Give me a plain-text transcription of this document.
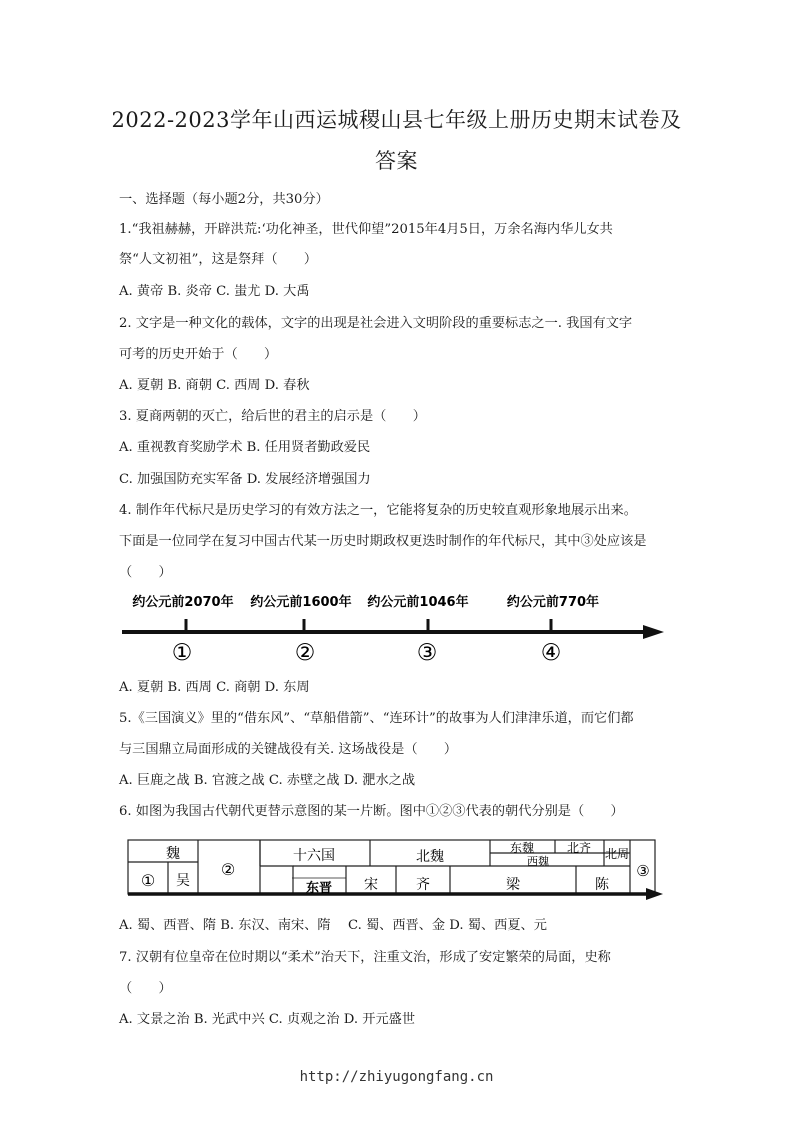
2022-2023学年山西运城稷山县七年级上册历史期末试卷及
答案
一、选择题（每小题2分，共30分）
1.“我祖赫赫，开辟洪荒:‘功化神圣，世代仰望”2015年4月5日，万余名海内华儿女共
祭“人文初祖”，这是祭拜（　　）
A. 黄帝 B. 炎帝 C. 蚩尤 D. 大禹
2. 文字是一种文化的载体，文字的出现是社会进入文明阶段的重要标志之一. 我国有文字
可考的历史开始于（　　）
A. 夏朝 B. 商朝 C. 西周 D. 春秋
3. 夏商两朝的灭亡，给后世的君主的启示是（　　）
A. 重视教育奖励学术 B. 任用贤者勤政爱民
C. 加强国防充实军备 D. 发展经济增强国力
4. 制作年代标尺是历史学习的有效方法之一，它能将复杂的历史较直观形象地展示出来。
下面是一位同学在复习中国古代某一历史时期政权更迭时制作的年代标尺，其中③处应该是
（　　）
约公元前2070年 约公元前1600年 约公元前1046年	约公元前770年
①	②	③	④
A. 夏朝 B. 西周 C. 商朝 D. 东周
5.《三国演义》里的“借东风”、“草船借箭”、“连环计”的故事为人们津津乐道，而它们都
与三国鼎立局面形成的关键战役有关. 这场战役是（　　）
A. 巨鹿之战 B. 官渡之战 C. 赤壁之战 D. 淝水之战
6. 如图为我国古代朝代更替示意图的某一片断。图中①②③代表的朝代分别是（　　）
魏
① 吴
②
十六国	北魏
东魏	北齐
西魏
北周
③
东晋 宋	齐	梁	陈
A. 蜀、西晋、隋 B. 东汉、南宋、隋　 C. 蜀、西晋、金 D. 蜀、西夏、元
7. 汉朝有位皇帝在位时期以“柔术”治天下，注重文治，形成了安定繁荣的局面，史称
（　　）
A. 文景之治 B. 光武中兴 C. 贞观之治 D. 开元盛世
http://zhiyugongfang.cn
